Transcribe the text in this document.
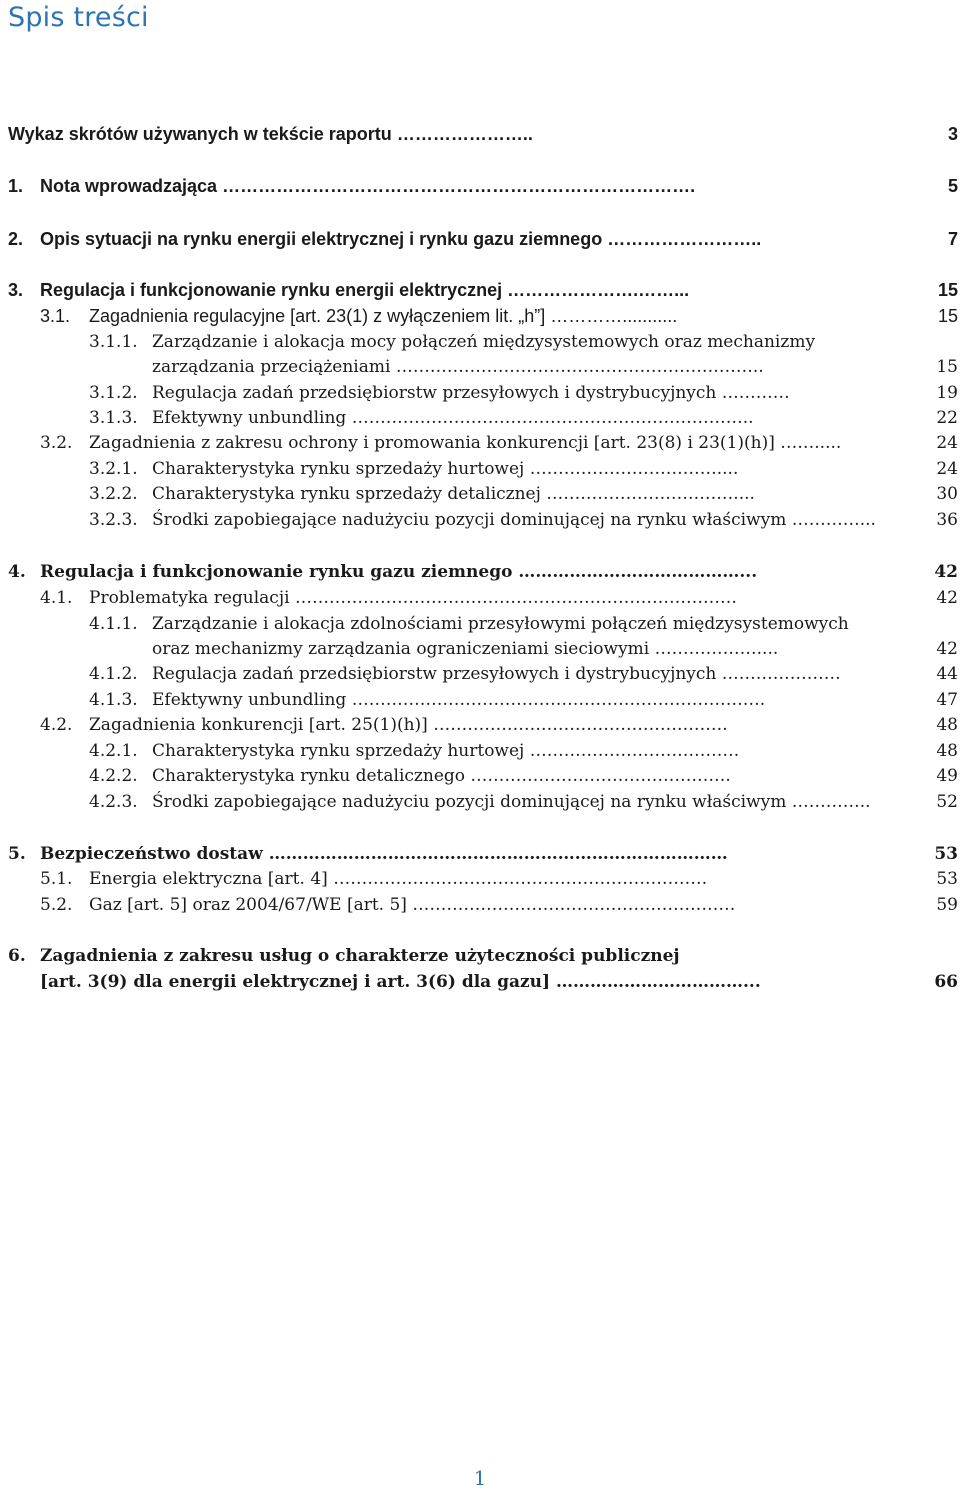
Spis treści
Wykaz skrótów używanych w tekście raportu …………………..	3
1. Nota wprowadzająca …………………………………………………………………….	5
2. Opis sytuacji na rynku energii elektrycznej i rynku gazu ziemnego ……………………..	7
3. Regulacja i funkcjonowanie rynku energii elektrycznej ………………….……...	15
3.1. Zagadnienia regulacyjne [art. 23(1) z wyłączeniem lit. „h”] …………...........	15
3.1.1. Zarządzanie i alokacja mocy połączeń międzysystemowych oraz mechanizmy
zarządzania przeciążeniami ………………………………………………………..	15
3.1.2. Regulacja zadań przedsiębiorstw przesyłowych i dystrybucyjnych …………	19
3.1.3. Efektywny unbundling ……………………………………………………………..	22
3.2. Zagadnienia z zakresu ochrony i promowania konkurencji [art. 23(8) i 23(1)(h)] …….....	24
3.2.1. Charakterystyka rynku sprzedaży hurtowej ……………………………....	24
3.2.2. Charakterystyka rynku sprzedaży detalicznej ……………………………....	30
3.2.3. Środki zapobiegające nadużyciu pozycji dominującej na rynku właściwym …………...	36
4. Regulacja i funkcjonowanie rynku gazu ziemnego …………………………………...	42
4.1. Problematyka regulacji ……………………………………………………………………	42
4.1.1. Zarządzanie i alokacja zdolnościami przesyłowymi połączeń międzysystemowych
oraz mechanizmy zarządzania ograniczeniami sieciowymi ………………....	42
4.1.2. Regulacja zadań przedsiębiorstw przesyłowych i dystrybucyjnych …………………	44
4.1.3. Efektywny unbundling ……………………………………………………………….	47
4.2. Zagadnienia konkurencji [art. 25(1)(h)] …………………………………………….	48
4.2.1. Charakterystyka rynku sprzedaży hurtowej ……………………………….	48
4.2.2. Charakterystyka rynku detalicznego ……………………………………….	49
4.2.3. Środki zapobiegające nadużyciu pozycji dominującej na rynku właściwym …………..	52
5. Bezpieczeństwo dostaw ………………………………………………………………………	53
5.1. Energia elektryczna [art. 4] …………………………………………………………	53
5.2. Gaz [art. 5] oraz 2004/67/WE [art. 5] …………………………………………………	59
6. Zagadnienia z zakresu usług o charakterze użyteczności publicznej
[art. 3(9) dla energii elektrycznej i art. 3(6) dla gazu] ……………………………...	66
1
